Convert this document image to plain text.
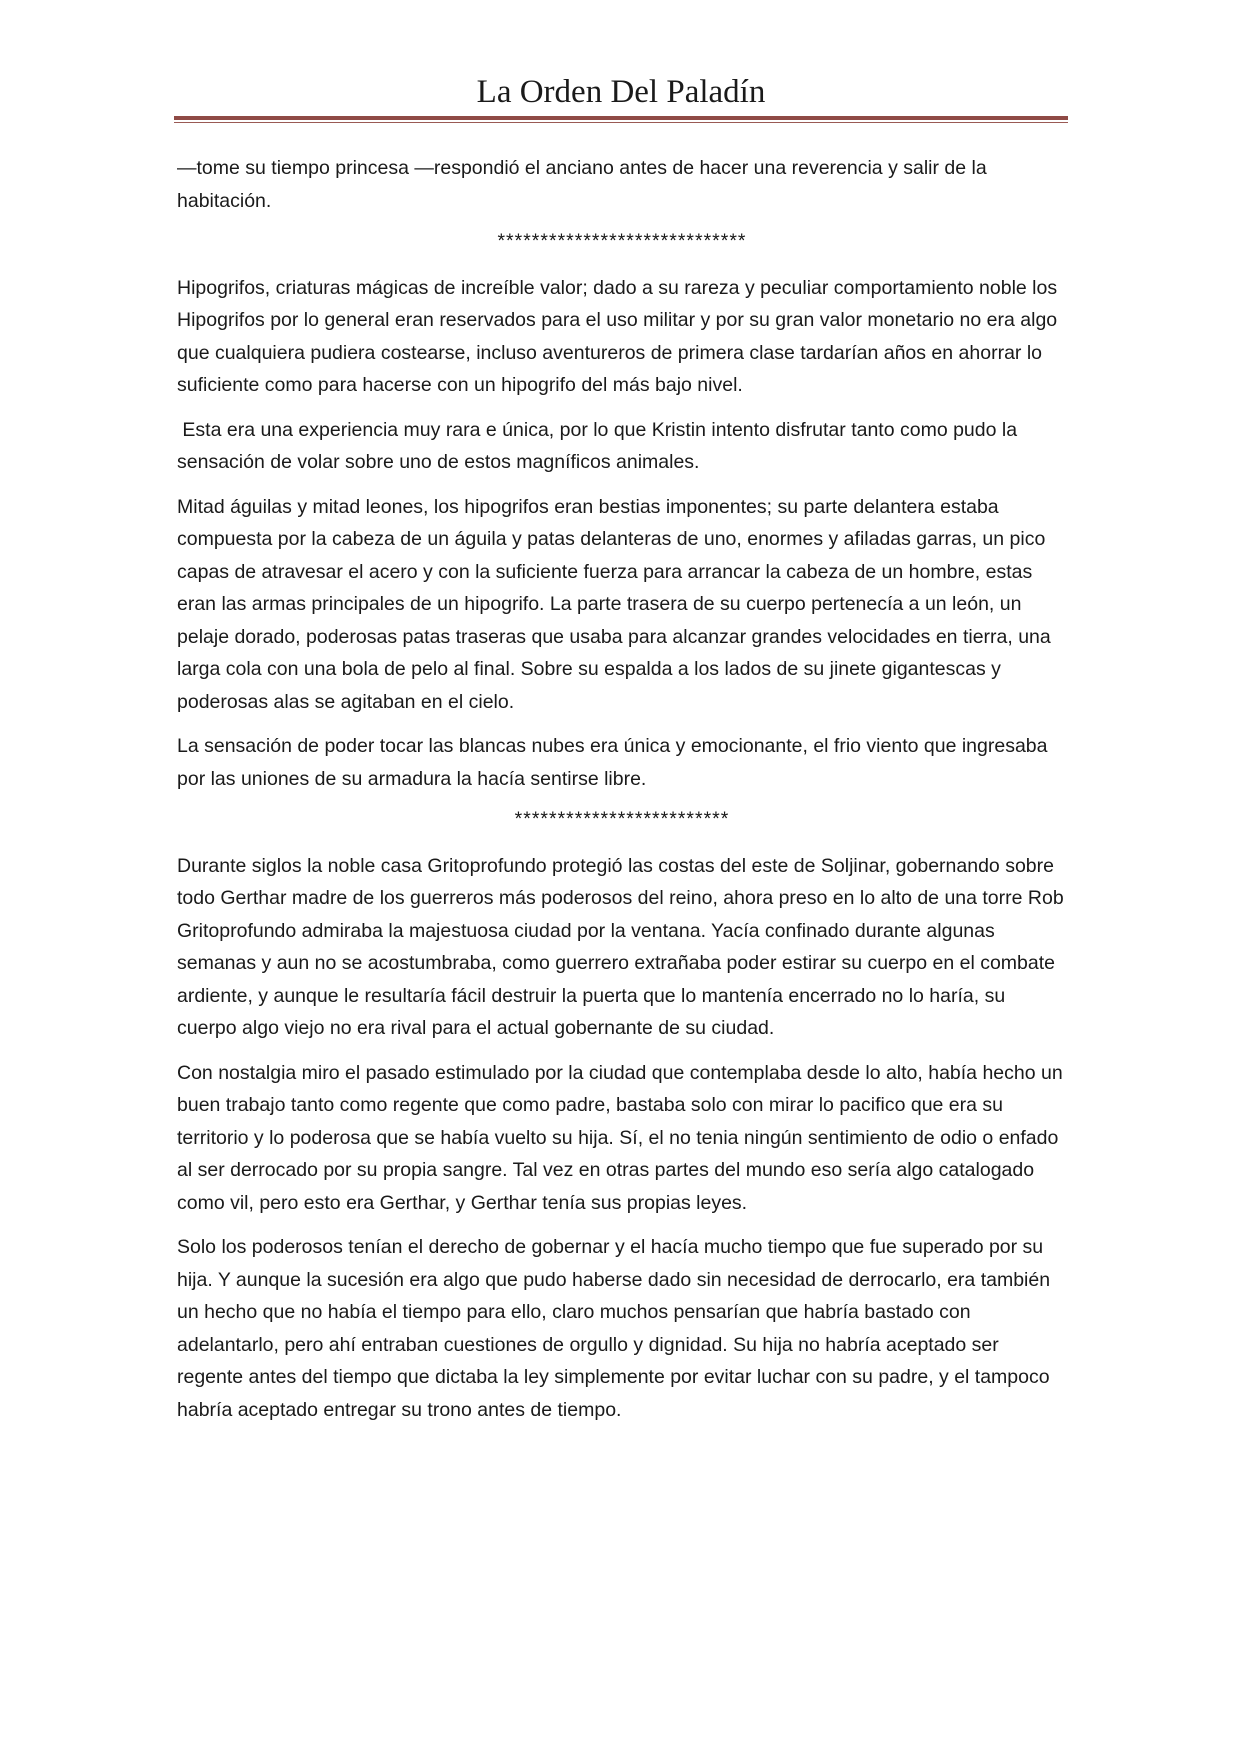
La Orden Del Paladín

—tome su tiempo princesa —respondió el anciano antes de hacer una reverencia y salir de la habitación.

*****************************

Hipogrifos, criaturas mágicas de increíble valor; dado a su rareza y peculiar comportamiento noble los Hipogrifos por lo general eran reservados para el uso militar y por su gran valor monetario no era algo que cualquiera pudiera costearse, incluso aventureros de primera clase tardarían años en ahorrar lo suficiente como para hacerse con un hipogrifo del más bajo nivel.

Esta era una experiencia muy rara e única, por lo que Kristin intento disfrutar tanto como pudo la sensación de volar sobre uno de estos magníficos animales.

Mitad águilas y mitad leones, los hipogrifos eran bestias imponentes; su parte delantera estaba compuesta por la cabeza de un águila y patas delanteras de uno, enormes y afiladas garras, un pico capas de atravesar el acero y con la suficiente fuerza para arrancar la cabeza de un hombre, estas eran las armas principales de un hipogrifo. La parte trasera de su cuerpo pertenecía a un león, un pelaje dorado, poderosas patas traseras que usaba para alcanzar grandes velocidades en tierra, una larga cola con una bola de pelo al final. Sobre su espalda a los lados de su jinete gigantescas y poderosas alas se agitaban en el cielo.

La sensación de poder tocar las blancas nubes era única y emocionante, el frio viento que ingresaba por las uniones de su armadura la hacía sentirse libre.

*************************

Durante siglos la noble casa Gritoprofundo protegió las costas del este de Soljinar, gobernando sobre todo Gerthar madre de los guerreros más poderosos del reino, ahora preso en lo alto de una torre Rob Gritoprofundo admiraba la majestuosa ciudad por la ventana. Yacía confinado durante algunas semanas y aun no se acostumbraba, como guerrero extrañaba poder estirar su cuerpo en el combate ardiente, y aunque le resultaría fácil destruir la puerta que lo mantenía encerrado no lo haría, su cuerpo algo viejo no era rival para el actual gobernante de su ciudad.

Con nostalgia miro el pasado estimulado por la ciudad que contemplaba desde lo alto, había hecho un buen trabajo tanto como regente que como padre, bastaba solo con mirar lo pacifico que era su territorio y lo poderosa que se había vuelto su hija. Sí, el no tenia ningún sentimiento de odio o enfado al ser derrocado por su propia sangre. Tal vez en otras partes del mundo eso sería algo catalogado como vil, pero esto era Gerthar, y Gerthar tenía sus propias leyes.

Solo los poderosos tenían el derecho de gobernar y el hacía mucho tiempo que fue superado por su hija. Y aunque la sucesión era algo que pudo haberse dado sin necesidad de derrocarlo, era también un hecho que no había el tiempo para ello, claro muchos pensarían que habría bastado con adelantarlo, pero ahí entraban cuestiones de orgullo y dignidad. Su hija no habría aceptado ser regente antes del tiempo que dictaba la ley simplemente por evitar luchar con su padre, y el tampoco habría aceptado entregar su trono antes de tiempo.
